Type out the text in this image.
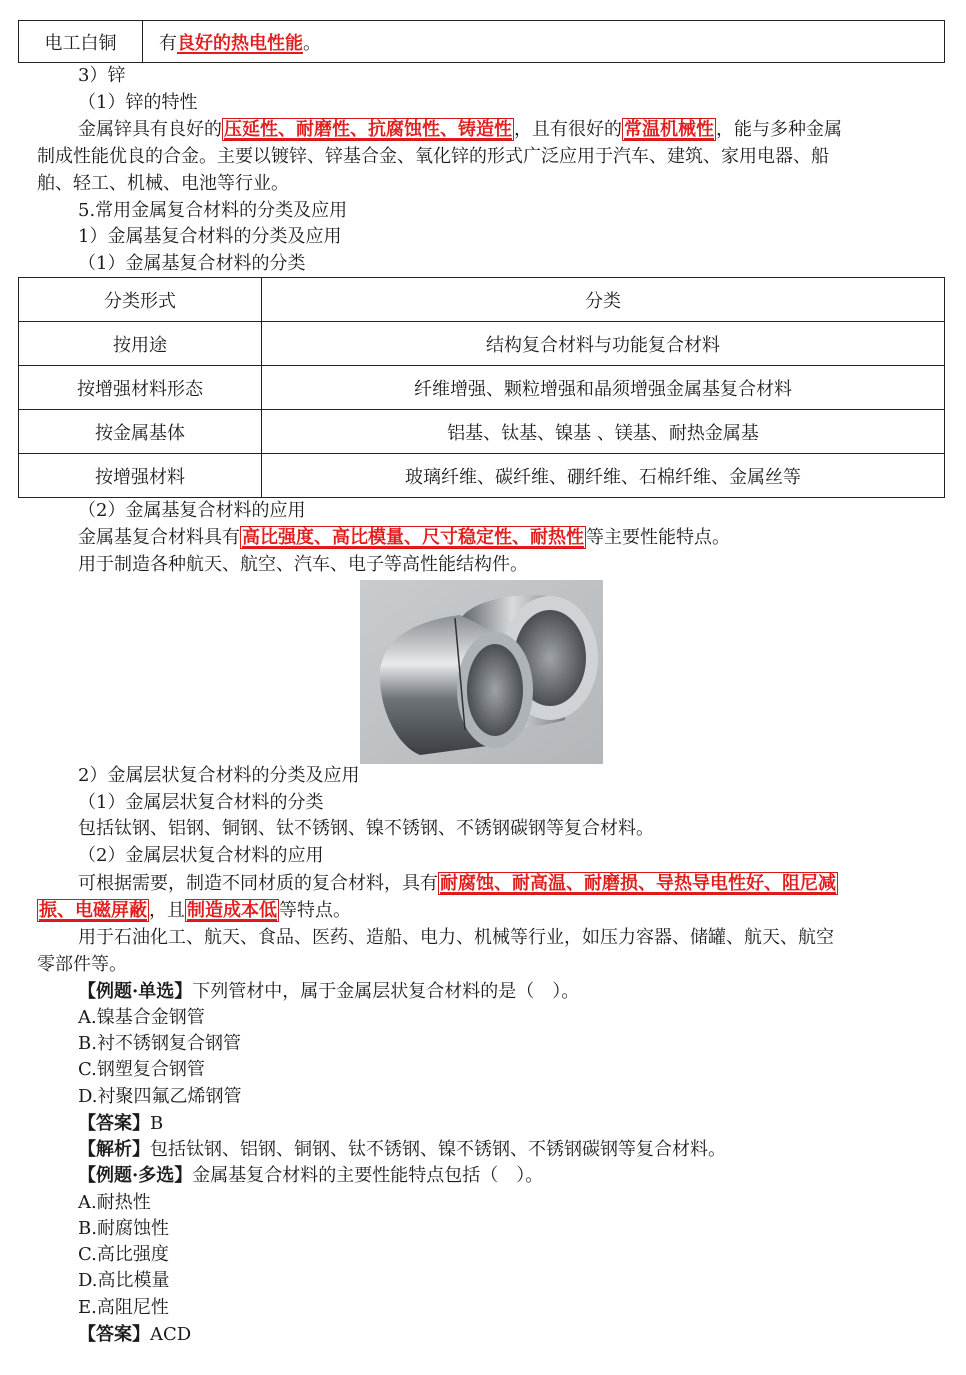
电工白铜	有良好的热电性能。
3）锌
（1）锌的特性
金属锌具有良好的 压延性、耐磨性、抗腐蚀性、铸造性 ，且有很好的 常温机械性 ，能与多种金属
制成性能优良的合金。主要以镀锌、锌基合金、氧化锌的形式广泛应用于汽车、建筑、家用电器、船
舶、轻工、机械、电池等行业。
5.常用金属复合材料的分类及应用
1）金属基复合材料的分类及应用
（1）金属基复合材料的分类
分类形式	分类
按用途	结构复合材料与功能复合材料
按增强材料形态	纤维增强、颗粒增强和晶须增强金属基复合材料
按金属基体	铝基、钛基、镍基 、镁基、耐热金属基
按增强材料	玻璃纤维、碳纤维、硼纤维、石棉纤维、金属丝等
（2）金属基复合材料的应用
金属基复合材料具有 高比强度、高比模量、尺寸稳定性、耐热性 等主要性能特点。
用于制造各种航天、航空、汽车、电子等高性能结构件。
2）金属层状复合材料的分类及应用
（1）金属层状复合材料的分类
包括钛钢、铝钢、铜钢、钛不锈钢、镍不锈钢、不锈钢碳钢等复合材料。
（2）金属层状复合材料的应用
可根据需要，制造不同材质的复合材料，具有 耐腐蚀、耐高温、耐磨损、导热导电性好、阻尼减
振、电磁屏蔽 ，且 制造成本低 等特点。
用于石油化工、航天、食品、医药、造船、电力、机械等行业，如压力容器、储罐、航天、航空
零部件等。
【例题·单选】下列管材中，属于金属层状复合材料的是（　）。
A.镍基合金钢管
B.衬不锈钢复合钢管
C.钢塑复合钢管
D.衬聚四氟乙烯钢管
【答案】B
【解析】包括钛钢、铝钢、铜钢、钛不锈钢、镍不锈钢、不锈钢碳钢等复合材料。
【例题·多选】金属基复合材料的主要性能特点包括（　）。
A.耐热性
B.耐腐蚀性
C.高比强度
D.高比模量
E.高阻尼性
【答案】ACD
